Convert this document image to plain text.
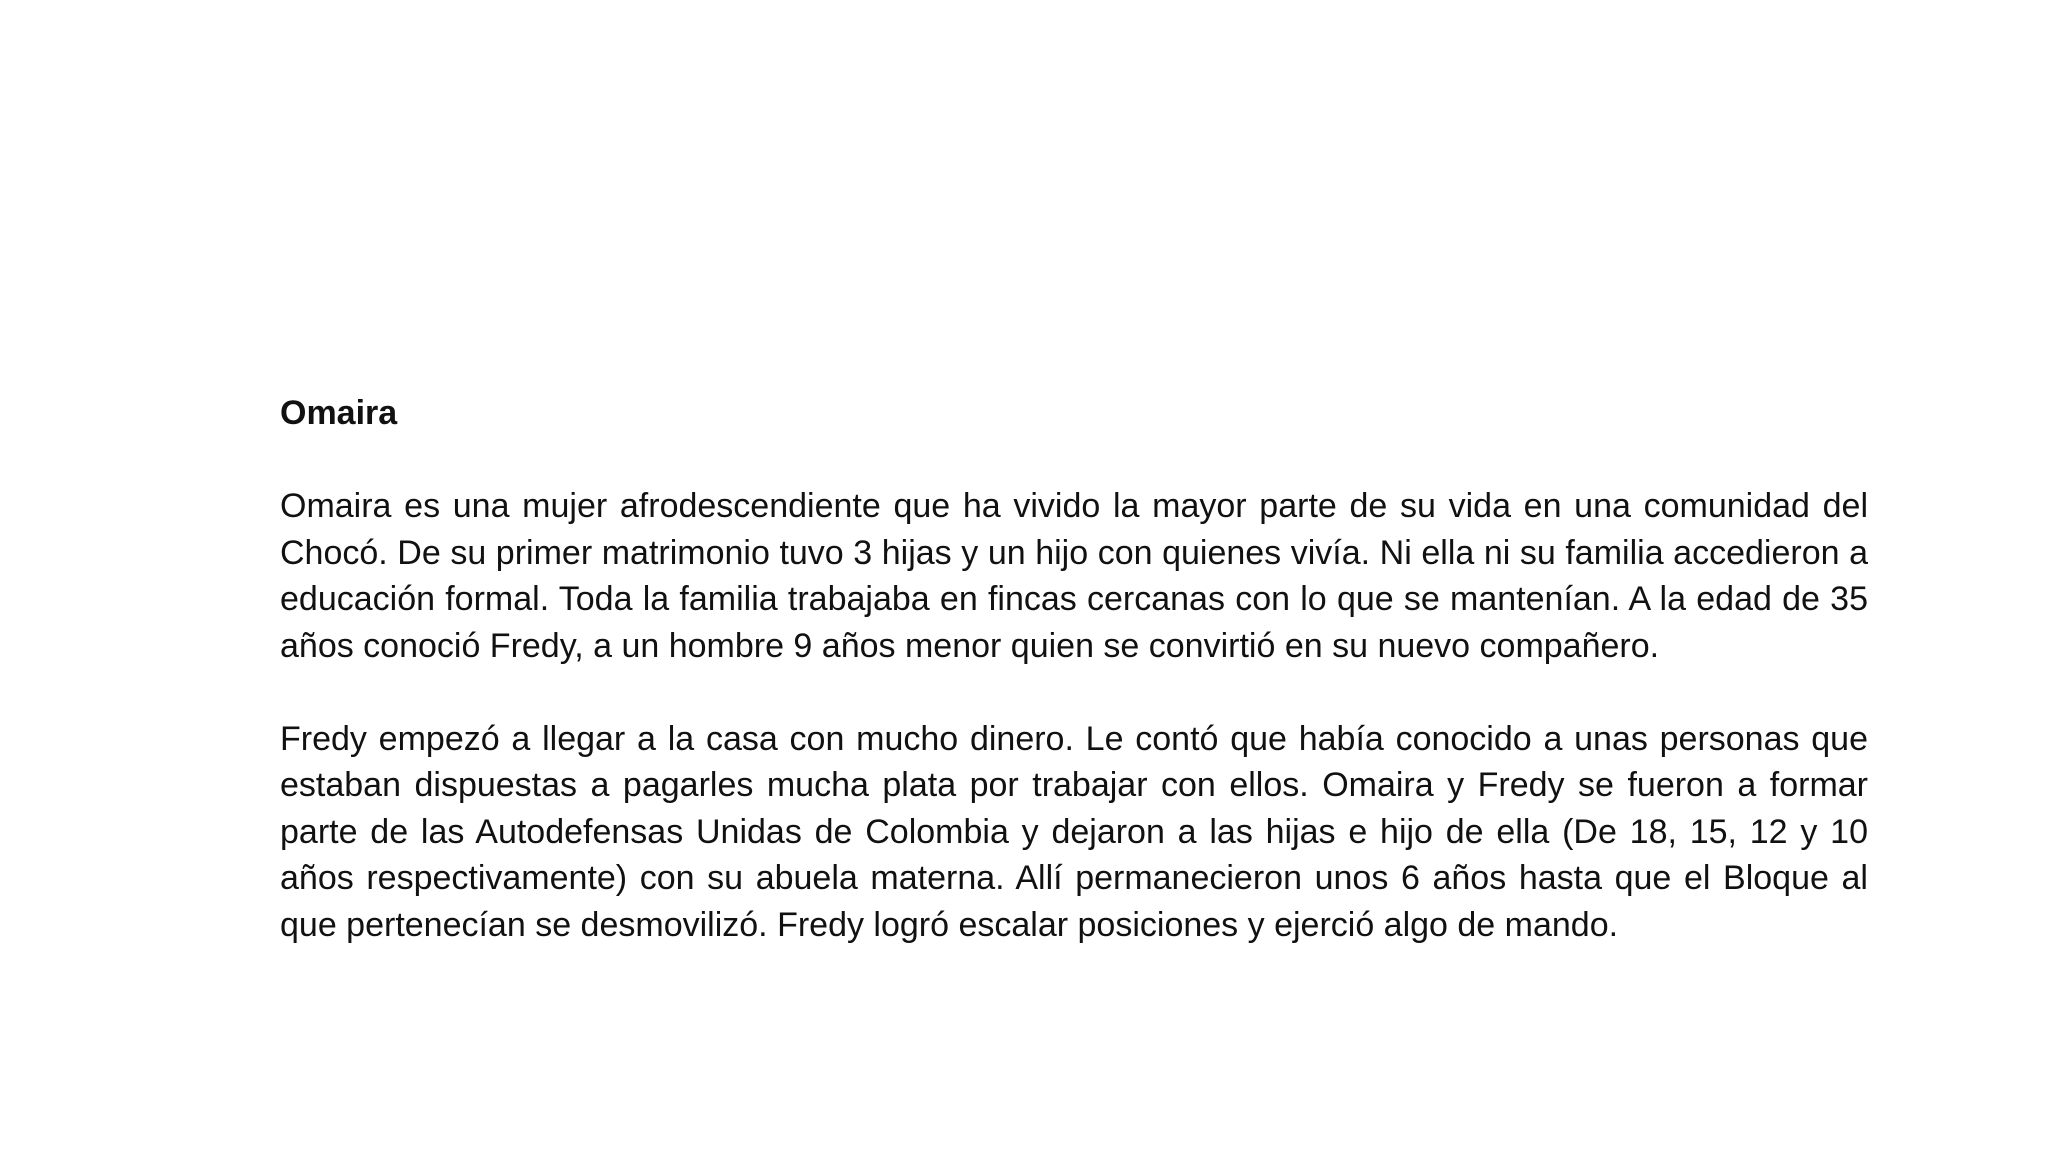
Omaira

Omaira es una mujer afrodescendiente que ha vivido la mayor parte de su vida en una comunidad del Chocó. De su primer matrimonio tuvo 3 hijas y un hijo con quienes vivía. Ni ella ni su familia accedieron a educación formal. Toda la familia trabajaba en fincas cercanas con lo que se mantenían. A la edad de 35 años conoció Fredy, a un hombre 9 años menor quien se convirtió en su nuevo compañero.

Fredy empezó a llegar a la casa con mucho dinero. Le contó que había conocido a unas personas que estaban dispuestas a pagarles mucha plata por trabajar con ellos. Omaira y Fredy se fueron a formar parte de las Autodefensas Unidas de Colombia y dejaron a las hijas e hijo de ella (De 18, 15, 12 y 10 años respectivamente) con su abuela materna. Allí permanecieron unos 6 años hasta que el Bloque al que pertenecían se desmovilizó. Fredy logró escalar posiciones y ejerció algo de mando.
